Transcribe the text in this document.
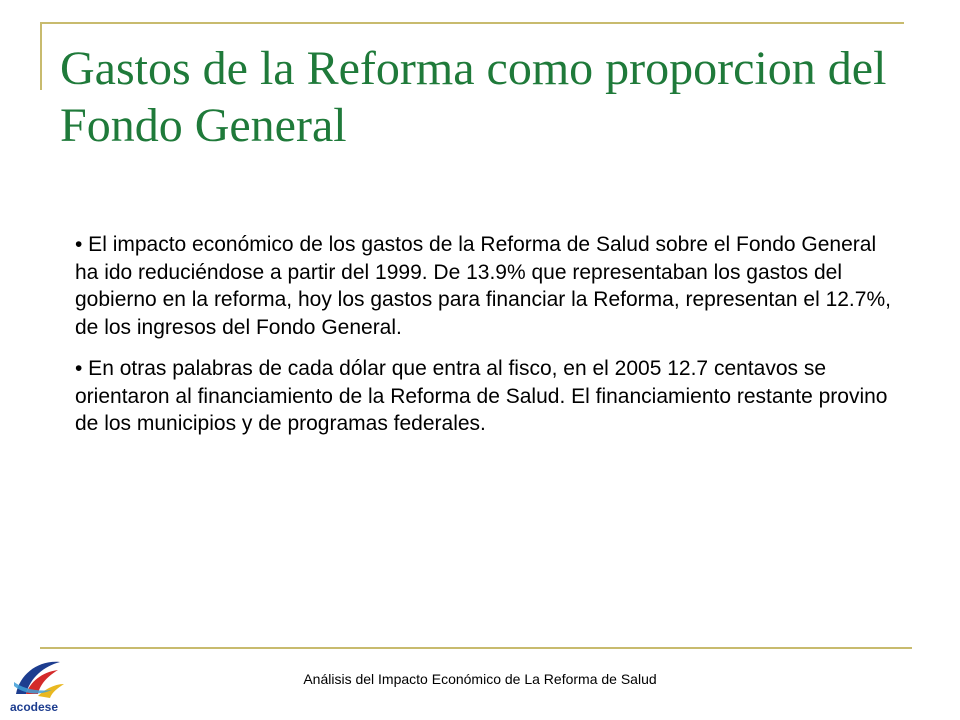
Gastos de la Reforma como proporcion del Fondo General

• El impacto económico de los gastos de la Reforma de Salud sobre el Fondo General ha ido reduciéndose a partir del 1999. De 13.9% que representaban los gastos del gobierno en la reforma, hoy los gastos para financiar la Reforma, representan el 12.7%, de los ingresos del Fondo General.

• En otras palabras de cada dólar que entra al fisco, en el 2005 12.7 centavos se orientaron al financiamiento de la Reforma de Salud. El financiamiento restante provino de los municipios y de programas federales.

Análisis del Impacto Económico de La Reforma de Salud
acodese
